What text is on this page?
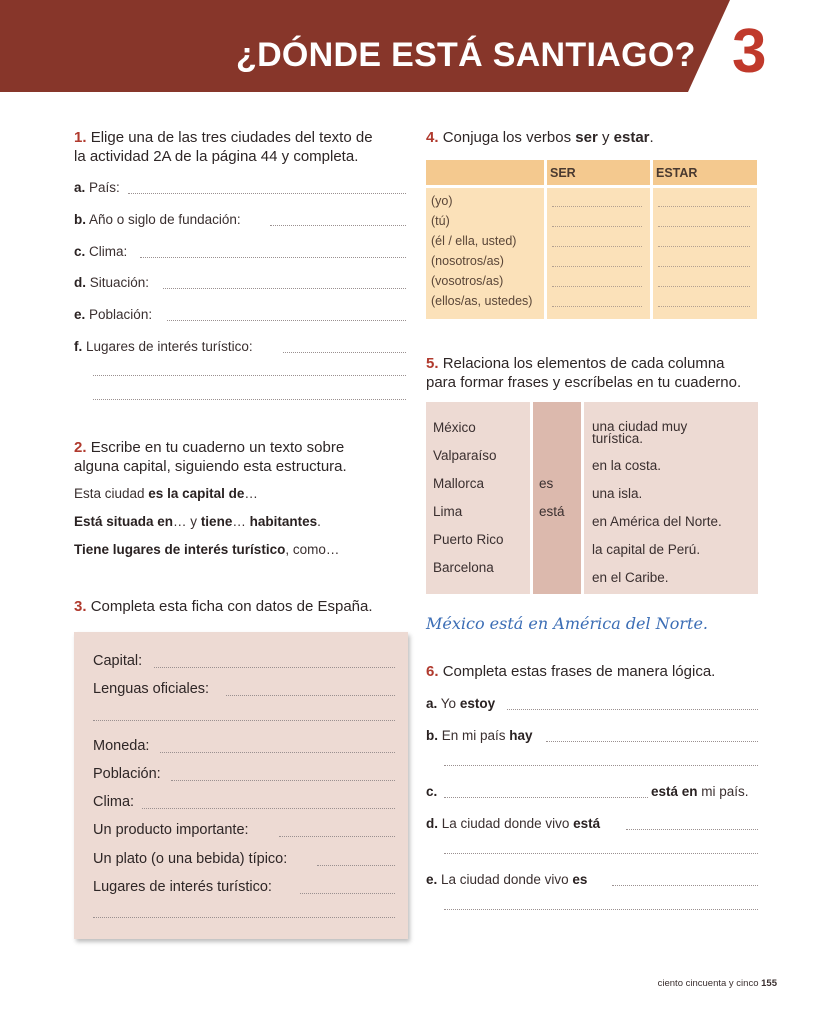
¿DÓNDE ESTÁ SANTIAGO? 3
1. Elige una de las tres ciudades del texto de
la actividad 2A de la página 44 y completa.
a. País:
b. Año o siglo de fundación:
c. Clima:
d. Situación:
e. Población:
f. Lugares de interés turístico:
2. Escribe en tu cuaderno un texto sobre
alguna capital, siguiendo esta estructura.
Esta ciudad es la capital de…
Está situada en… y tiene… habitantes.
Tiene lugares de interés turístico, como…
3. Completa esta ficha con datos de España.
Capital:
Lenguas oficiales:
Moneda:
Población:
Clima:
Un producto importante:
Un plato (o una bebida) típico:
Lugares de interés turístico:
4. Conjuga los verbos ser y estar.
SER	ESTAR
(yo)
(tú)
(él / ella, usted)
(nosotros/as)
(vosotros/as)
(ellos/as, ustedes)
5. Relaciona los elementos de cada columna
para formar frases y escríbelas en tu cuaderno.
México
Valparaíso
Mallorca
Lima
Puerto Rico
Barcelona
es
está
una ciudad muy
turística.
en la costa.
una isla.
en América del Norte.
la capital de Perú.
en el Caribe.
México está en América del Norte.
6. Completa estas frases de manera lógica.
a. Yo estoy
b. En mi país hay
c.	está en mi país.
d. La ciudad donde vivo está
e. La ciudad donde vivo es
ciento cincuenta y cinco 155
